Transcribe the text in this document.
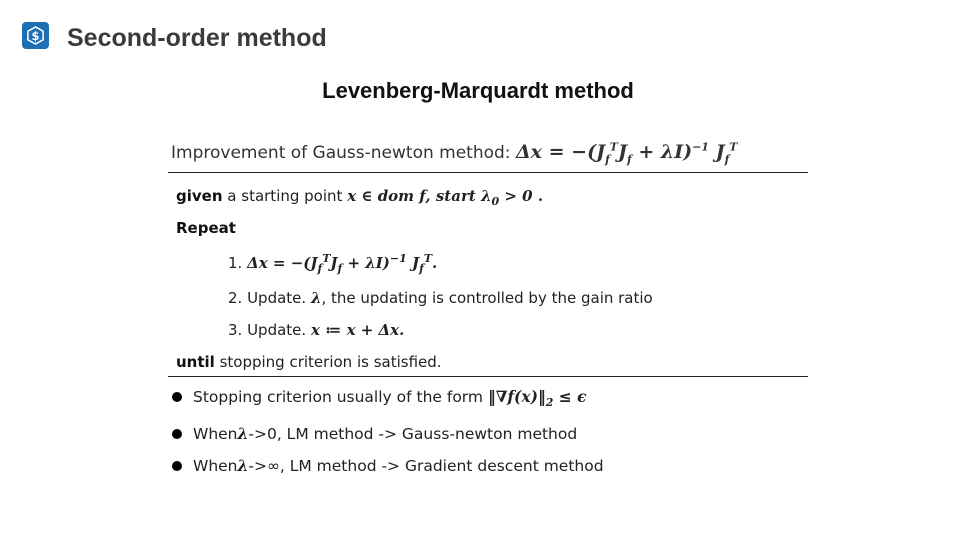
$ Second-order method
Levenberg-Marquardt method
Improvement of Gauss-newton method: $\Delta x = -(J_f^TJ_f + \lambda I)^{-1}$ $J_f^T$
given a starting point x ∈ dom f, start $\lambda_0 > 0$ .
Repeat
1. $\Delta x = -(J_f^TJ_f + \lambda I)^{-1}$ $J_f^T$.
2. Update. λ, the updating is controlled by the gain ratio
3. Update. x ≔ x + Δx.
until stopping criterion is satisfied.
Stopping criterion usually of the form
$‖\nabla f(x)‖_2 \le \epsilon$
When λ ->0, LM method -> Gauss-newton method
When λ ->∞, LM method -> Gradient descent method
